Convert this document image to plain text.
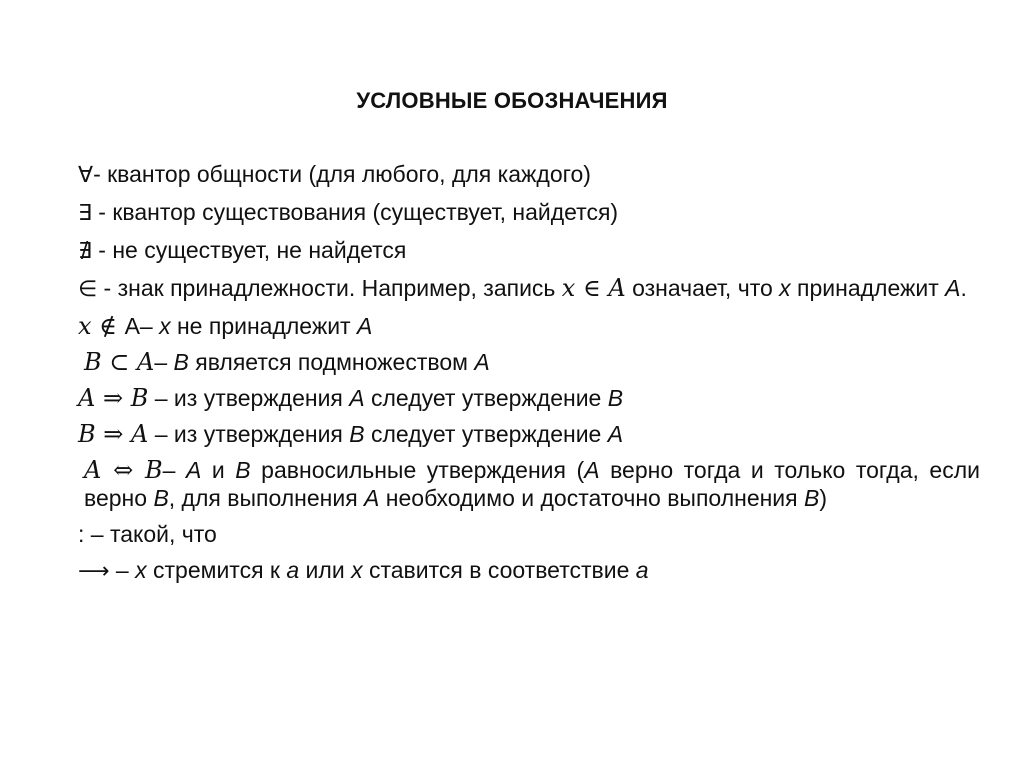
УСЛОВНЫЕ ОБОЗНАЧЕНИЯ
∀- квантор общности (для любого, для каждого)
∃ - квантор существования (существует, найдется)
∄ - не существует, не найдется
∈ - знак принадлежности. Например, запись x ∈ A означает, что x принадлежит A.
x ∉ А– x не принадлежит A
B ⊂ A– B является подмножеством A
A ⇒ B – из утверждения A следует утверждение B
B ⇒ A – из утверждения B следует утверждение A
A ⇔ B– A и B равносильные утверждения (A верно тогда и только тогда, если верно B, для выполнения A необходимо и достаточно выполнения B)
: – такой, что
⟶ – x стремится к a или x ставится в соответствие a
